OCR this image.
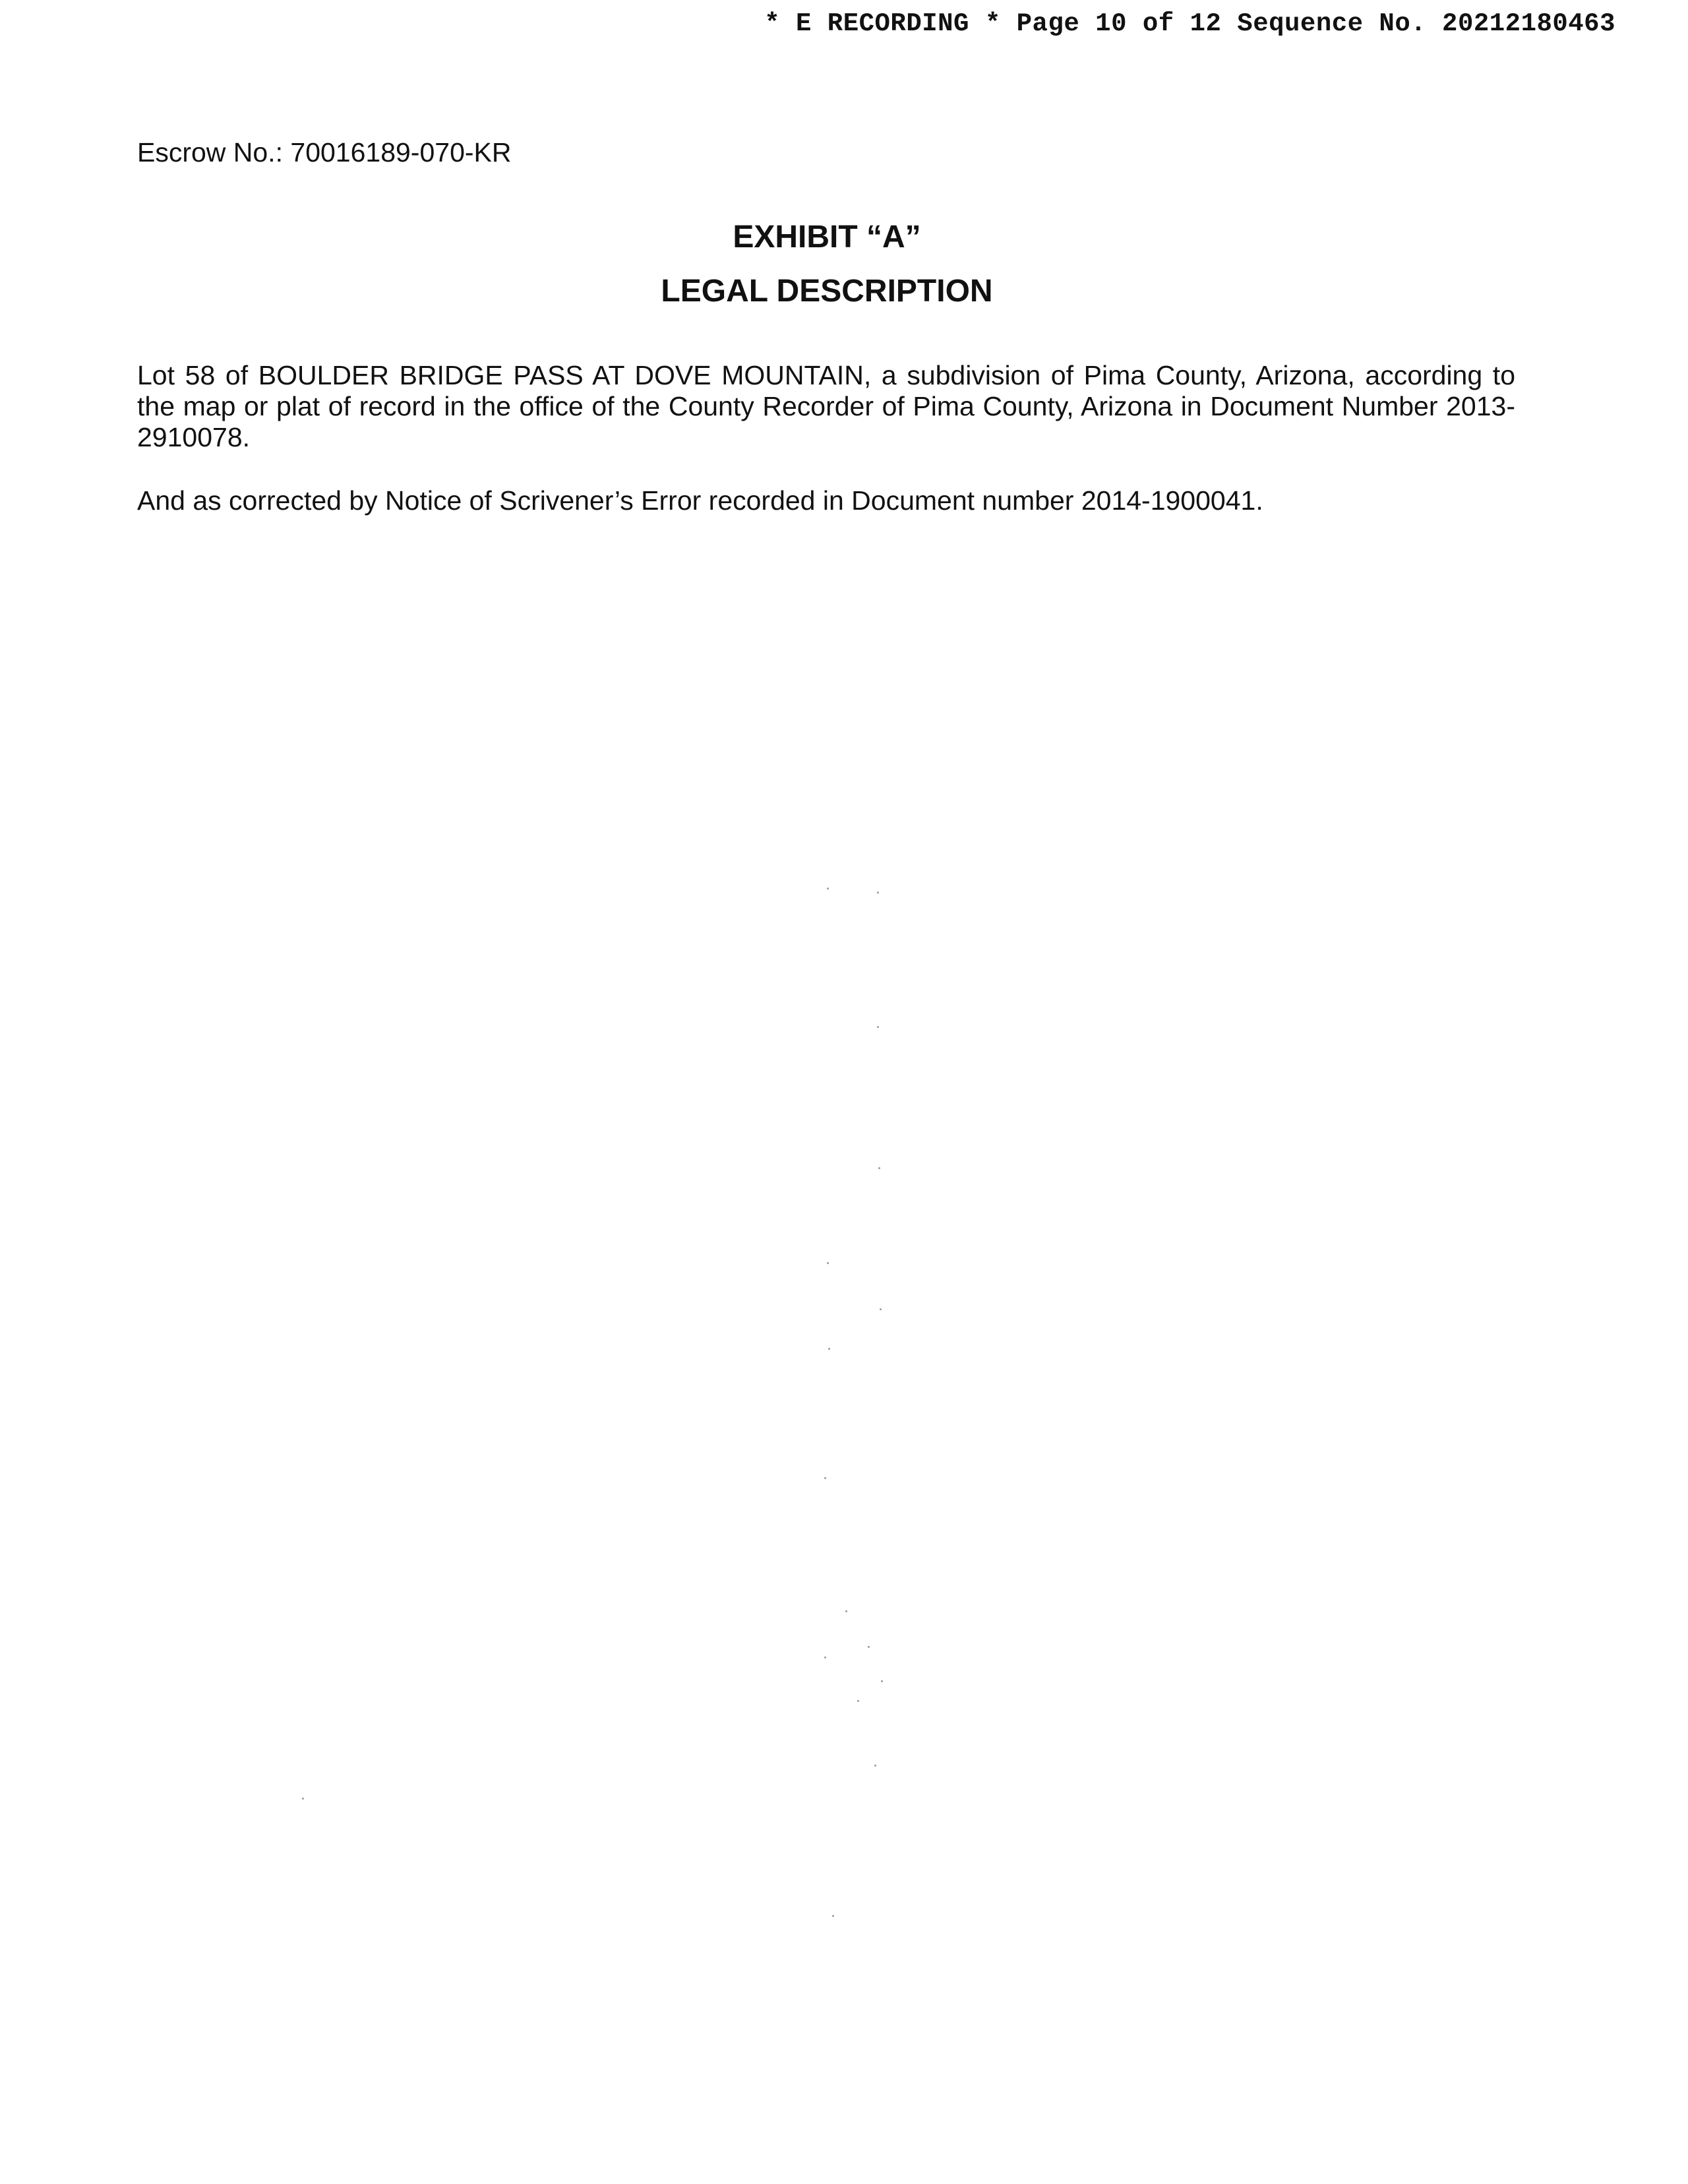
* E RECORDING * Page 10 of 12 Sequence No. 20212180463
Escrow No.: 70016189-070-KR
EXHIBIT “A”
LEGAL DESCRIPTION
Lot 58 of BOULDER BRIDGE PASS AT DOVE MOUNTAIN, a subdivision of Pima County, Arizona, according to the map or plat of record in the office of the County Recorder of Pima County, Arizona in Document Number 2013-2910078.
And as corrected by Notice of Scrivener’s Error recorded in Document number 2014-1900041.
